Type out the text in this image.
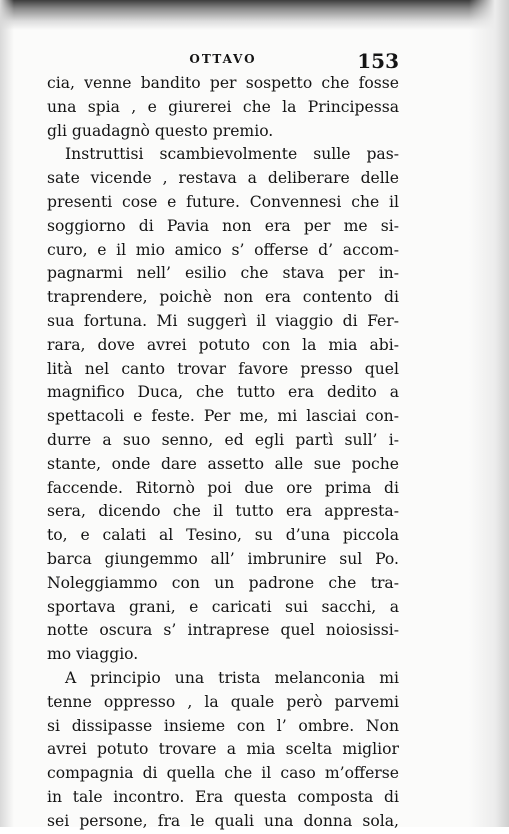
OTTAVO	153
cia, venne bandito per sospetto che fosse
una spia , e giurerei che la Principessa
gli guadagnò questo premio.
Instruttisi scambievolmente sulle pas-
sate vicende , restava a deliberare delle
presenti cose e future. Convennesi che il
soggiorno di Pavia non era per me si-
curo, e il mio amico s’ offerse d’ accom-
pagnarmi nell’ esilio che stava per in-
traprendere, poichè non era contento di
sua fortuna. Mi suggerì il viaggio di Fer-
rara, dove avrei potuto con la mia abi-
lità nel canto trovar favore presso quel
magnifico Duca, che tutto era dedito a
spettacoli e feste. Per me, mi lasciai con-
durre a suo senno, ed egli partì sull’ i-
stante, onde dare assetto alle sue poche
faccende. Ritornò poi due ore prima di
sera, dicendo che il tutto era apprestа-
to, e calati al Tesino, su d’una piccola
barca giungemmo all’ imbrunire sul Po.
Noleggiammo con un padrone che tra-
sportava grani, e caricati sui sacchi, a
notte oscura s’ intraprese quel noiosissi-
mo viaggio.
A principio una trista melanconia mi
tenne oppresso , la quale però parvemi
si dissipasse insieme con l’ ombre. Non
avrei potuto trovare a mia scelta miglior
compagnia di quella che il caso m’offerse
in tale incontro. Era questa composta di
sei persone, fra le quali una donna sola,
